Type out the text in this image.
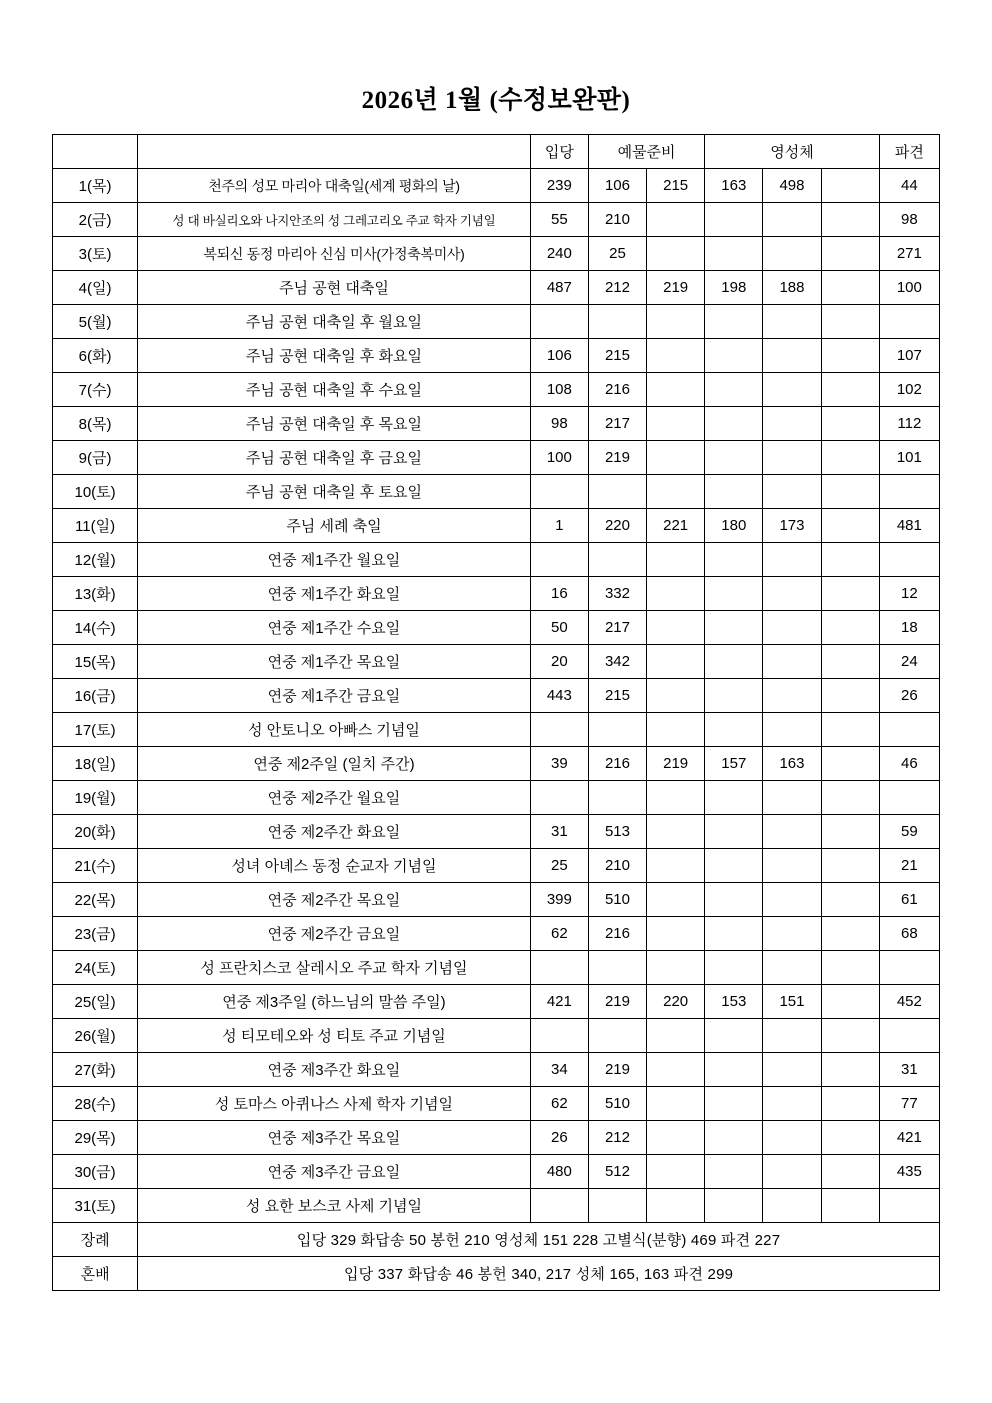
2026년 1월 (수정보완판)
		입당	예물준비		영성체			파견
1(목)	천주의 성모 마리아 대축일(세계 평화의 날)	239	106	215	163	498		44
2(금)	성 대 바실리오와 나지안조의 성 그레고리오 주교 학자 기념일	55	210					98
3(토)	복되신 동정 마리아 신심 미사(가정축복미사)	240	25					271
4(일)	주님 공현 대축일	487	212	219	198	188		100
5(월)	주님 공현 대축일 후 월요일							
6(화)	주님 공현 대축일 후 화요일	106	215					107
7(수)	주님 공현 대축일 후 수요일	108	216					102
8(목)	주님 공현 대축일 후 목요일	98	217					112
9(금)	주님 공현 대축일 후 금요일	100	219					101
10(토)	주님 공현 대축일 후 토요일							
11(일)	주님 세례 축일	1	220	221	180	173		481
12(월)	연중 제1주간 월요일							
13(화)	연중 제1주간 화요일	16	332					12
14(수)	연중 제1주간 수요일	50	217					18
15(목)	연중 제1주간 목요일	20	342					24
16(금)	연중 제1주간 금요일	443	215					26
17(토)	성 안토니오 아빠스 기념일							
18(일)	연중 제2주일 (일치 주간)	39	216	219	157	163		46
19(월)	연중 제2주간 월요일							
20(화)	연중 제2주간 화요일	31	513					59
21(수)	성녀 아녜스 동정 순교자 기념일	25	210					21
22(목)	연중 제2주간 목요일	399	510					61
23(금)	연중 제2주간 금요일	62	216					68
24(토)	성 프란치스코 살레시오 주교 학자 기념일							
25(일)	연중 제3주일 (하느님의 말씀 주일)	421	219	220	153	151		452
26(월)	성 티모테오와 성 티토 주교 기념일							
27(화)	연중 제3주간 화요일	34	219					31
28(수)	성 토마스 아퀴나스 사제 학자 기념일	62	510					77
29(목)	연중 제3주간 목요일	26	212					421
30(금)	연중 제3주간 금요일	480	512					435
31(토)	성 요한 보스코 사제 기념일							
장례	입당 329 화답송 50 봉헌 210 영성체 151 228 고별식(분향) 469 파견 227							
혼배	입당 337 화답송 46 봉헌 340, 217 성체 165, 163 파견 299							
